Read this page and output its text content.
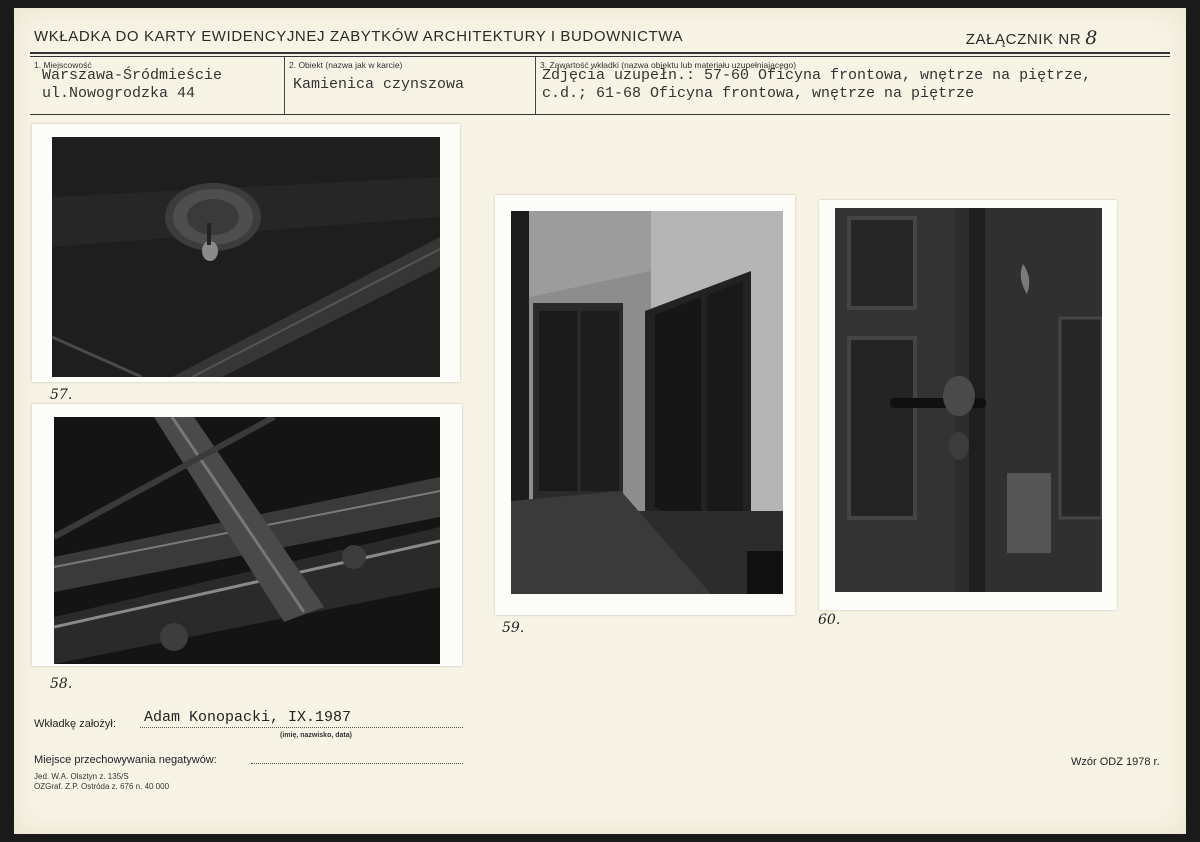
WKŁADKA DO KARTY EWIDENCYJNEJ ZABYTKÓW ARCHITEKTURY I BUDOWNICTWA	ZAŁĄCZNIK NR 8
1. Miejscowość
Warszawa-Śródmieście
ul.Nowogrodzka 44
2. Obiekt (nazwa jak w karcie)
Kamienica czynszowa
3. Zawartość wkładki (nazwa obiektu lub materiału uzupełniającego)
Zdjęcia uzupełn.: 57-60 Oficyna frontowa, wnętrze na piętrze,
c.d.; 61-68 Oficyna frontowa, wnętrze na piętrze
57.
58.
59.	60.
Wkładkę założył: Adam Konopacki, IX.1987
(imię, nazwisko, data)
Miejsce przechowywania negatywów:	Wzór ODZ 1978 r.
Jed. W.A. Olsztyn z. 135/S
OZGraf. Z.P. Ostróda z. 676 n. 40 000
